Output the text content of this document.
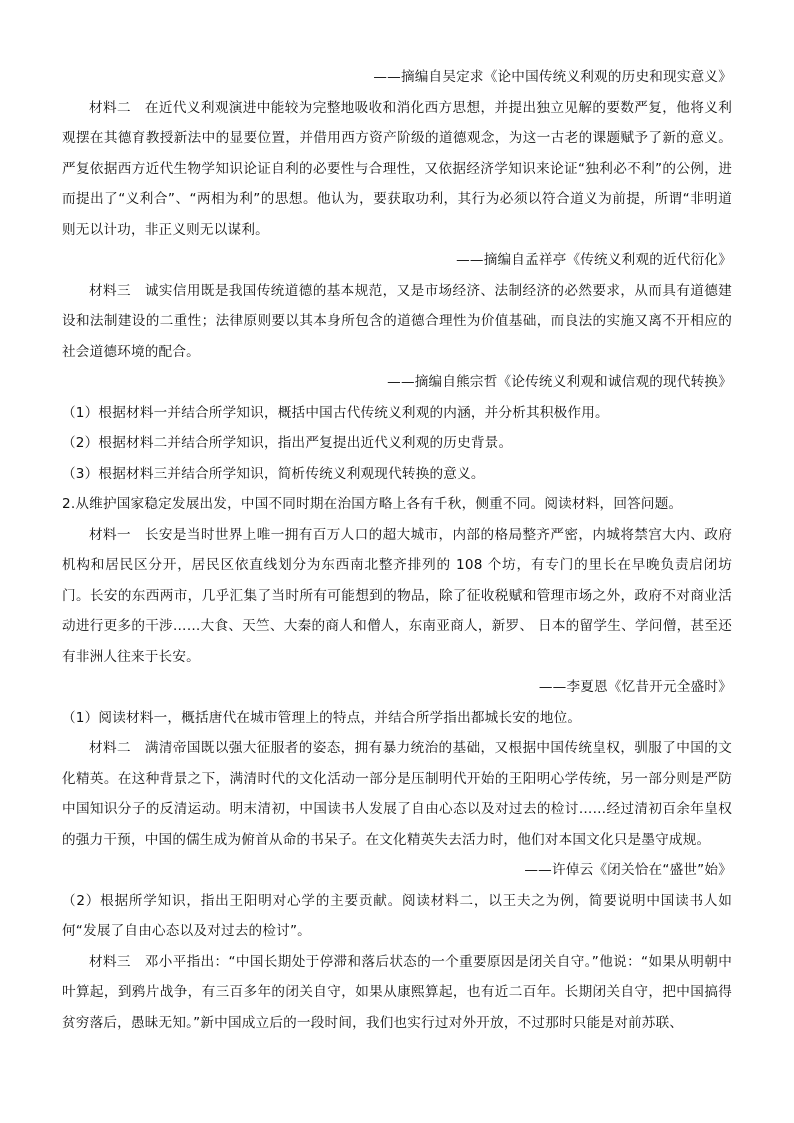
——摘编自吴定求《论中国传统义利观的历史和现实意义》

材料二　在近代义利观演进中能较为完整地吸收和消化西方思想，并提出独立见解的要数严复，他将义利观摆在其德育教授新法中的显要位置，并借用西方资产阶级的道德观念，为这一古老的课题赋予了新的意义。严复依据西方近代生物学知识论证自利的必要性与合理性，又依据经济学知识来论证“独利必不利”的公例，进而提出了“义利合”、“两相为利”的思想。他认为，要获取功利，其行为必须以符合道义为前提，所谓“非明道则无以计功，非正义则无以谋利。

——摘编自孟祥亭《传统义利观的近代衍化》

材料三　诚实信用既是我国传统道德的基本规范，又是市场经济、法制经济的必然要求，从而具有道德建设和法制建设的二重性；法律原则要以其本身所包含的道德合理性为价值基础，而良法的实施又离不开相应的社会道德环境的配合。

——摘编自熊宗哲《论传统义利观和诚信观的现代转换》

（1）根据材料一并结合所学知识，概括中国古代传统义利观的内涵，并分析其积极作用。

（2）根据材料二并结合所学知识，指出严复提出近代义利观的历史背景。

（3）根据材料三并结合所学知识，简析传统义利观现代转换的意义。

2.从维护国家稳定发展出发，中国不同时期在治国方略上各有千秋，侧重不同。阅读材料，回答问题。

材料一　长安是当时世界上唯一拥有百万人口的超大城市，内部的格局整齐严密，内城将禁宫大内、政府机构和居民区分开，居民区依直线划分为东西南北整齐排列的 108 个坊，有专门的里长在早晚负责启闭坊门。长安的东西两市，几乎汇集了当时所有可能想到的物品，除了征收税赋和管理市场之外，政府不对商业活动进行更多的干涉……大食、天竺、大秦的商人和僧人，东南亚商人，新罗、 日本的留学生、学问僧，甚至还有非洲人往来于长安。

——李夏恩《忆昔开元全盛时》

（1）阅读材料一，概括唐代在城市管理上的特点，并结合所学指出都城长安的地位。

材料二　满清帝国既以强大征服者的姿态，拥有暴力统治的基础，又根据中国传统皇权，驯服了中国的文化精英。在这种背景之下，满清时代的文化活动一部分是压制明代开始的王阳明心学传统，另一部分则是严防中国知识分子的反清运动。明末清初，中国读书人发展了自由心态以及对过去的检讨……经过清初百余年皇权的强力干预，中国的儒生成为俯首从命的书呆子。在文化精英失去活力时，他们对本国文化只是墨守成规。

——许倬云《闭关恰在“盛世”始》

（2）根据所学知识，指出王阳明对心学的主要贡献。阅读材料二，以王夫之为例，简要说明中国读书人如何“发展了自由心态以及对过去的检讨”。

材料三　邓小平指出：“中国长期处于停滞和落后状态的一个重要原因是闭关自守。”他说：“如果从明朝中叶算起，到鸦片战争，有三百多年的闭关自守，如果从康熙算起，也有近二百年。长期闭关自守，把中国搞得贫穷落后，愚昧无知。”新中国成立后的一段时间，我们也实行过对外开放，不过那时只能是对前苏联、
